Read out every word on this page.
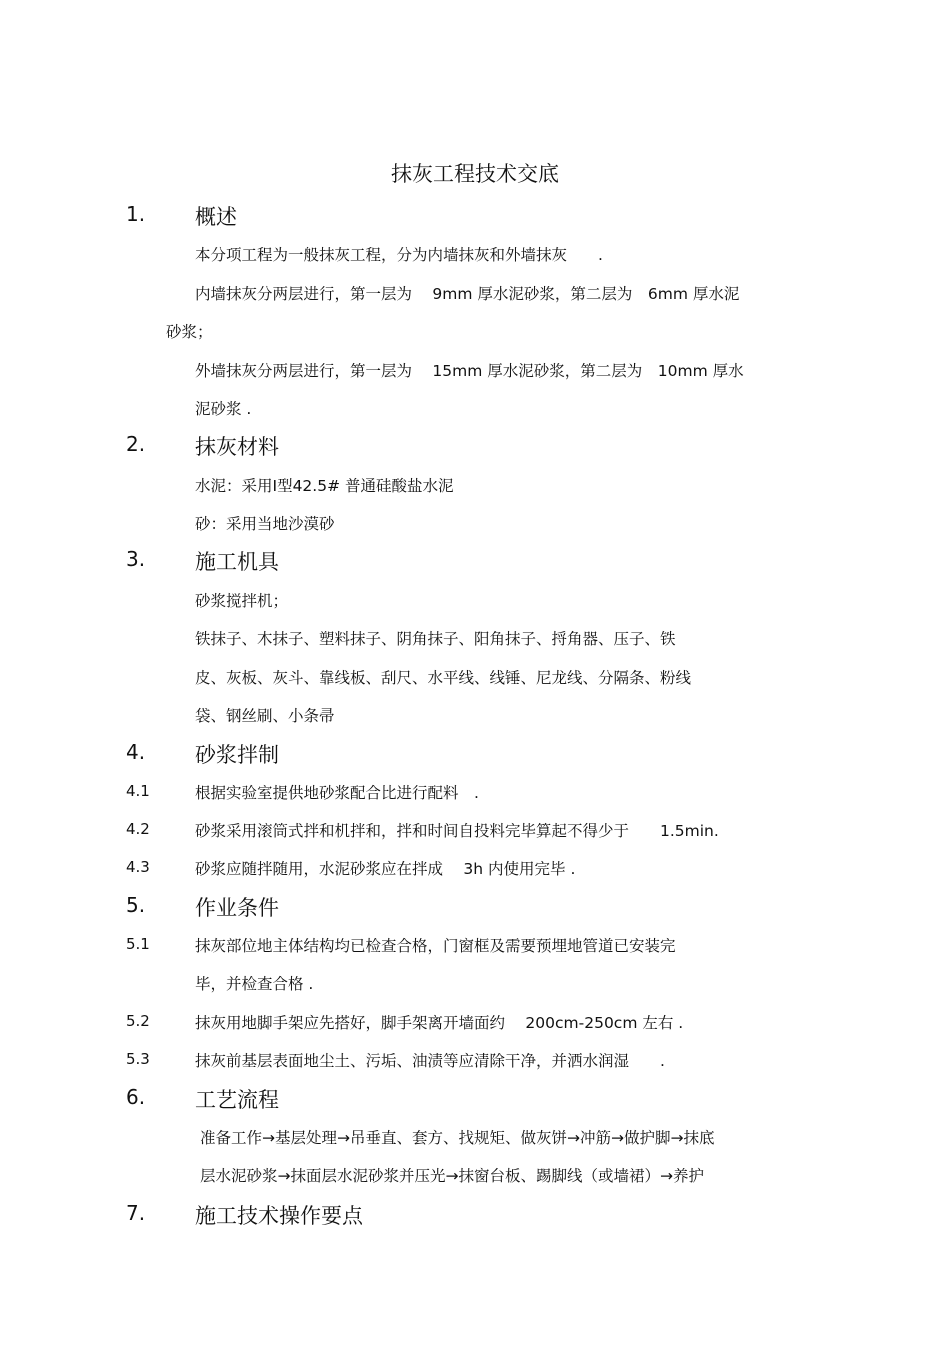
抹灰工程技术交底
1. 概述

本分项工程为一般抹灰工程，分为内墙抹灰和外墙抹灰　　.

内墙抹灰分两层进行，第一层为　 9mm 厚水泥砂浆，第二层为　6mm 厚水泥

砂浆；

外墙抹灰分两层进行，第一层为　 15mm 厚水泥砂浆，第二层为　10mm 厚水

泥砂浆 .

2. 抹灰材料

水泥：采用Ⅰ型42.5# 普通硅酸盐水泥

砂：采用当地沙漠砂

3. 施工机具

砂浆搅拌机；

铁抹子、木抹子、塑料抹子、阴角抹子、阳角抹子、捋角器、压子、铁

皮、灰板、灰斗、靠线板、刮尺、水平线、线锤、尼龙线、分隔条、粉线

袋、钢丝刷、小条帚

4. 砂浆拌制
4.1	根据实验室提供地砂浆配合比进行配料　.

4.2	砂浆采用滚筒式拌和机拌和，拌和时间自投料完毕算起不得少于　　1.5min.

4.3	砂浆应随拌随用，水泥砂浆应在拌成　 3h 内使用完毕 .

5. 作业条件
5.1	抹灰部位地主体结构均已检查合格，门窗框及需要预埋地管道已安装完

毕，并检查合格 .

5.2	抹灰用地脚手架应先搭好，脚手架离开墙面约　 200cm-250cm 左右 .

5.3	抹灰前基层表面地尘土、污垢、油渍等应清除干净，并洒水润湿　　.

6. 工艺流程

准备工作→基层处理→吊垂直、套方、找规矩、做灰饼→冲筋→做护脚→抹底

层水泥砂浆→抹面层水泥砂浆并压光→抹窗台板、踢脚线（或墙裙）→养护

7. 施工技术操作要点
